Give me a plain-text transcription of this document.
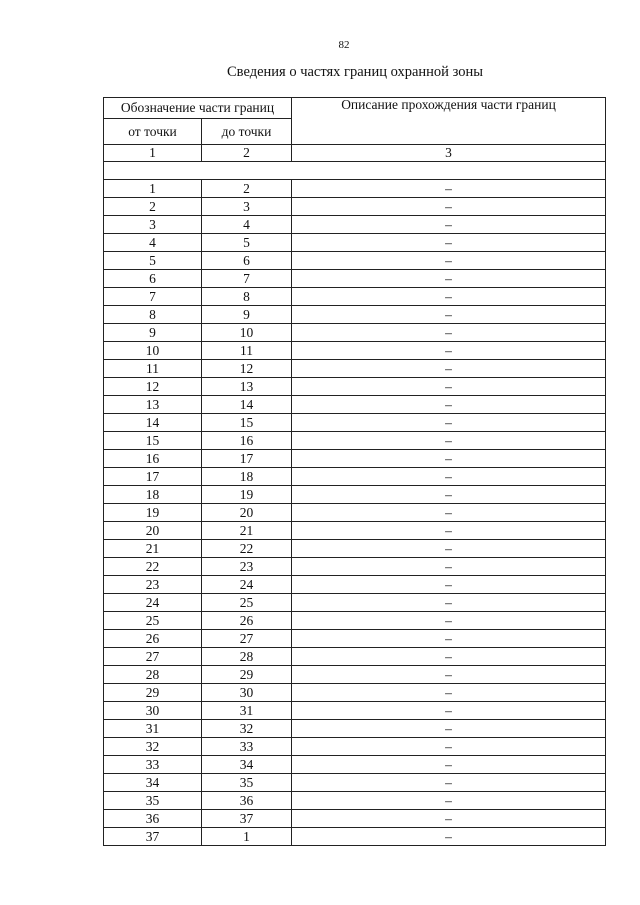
82
Сведения о частях границ охранной зоны
Обозначение части границ		Описание прохождения части границ
от точки	до точки	
1	2	3

1	2	–
2	3	–
3	4	–
4	5	–
5	6	–
6	7	–
7	8	–
8	9	–
9	10	–
10	11	–
11	12	–
12	13	–
13	14	–
14	15	–
15	16	–
16	17	–
17	18	–
18	19	–
19	20	–
20	21	–
21	22	–
22	23	–
23	24	–
24	25	–
25	26	–
26	27	–
27	28	–
28	29	–
29	30	–
30	31	–
31	32	–
32	33	–
33	34	–
34	35	–
35	36	–
36	37	–
37	1	–
